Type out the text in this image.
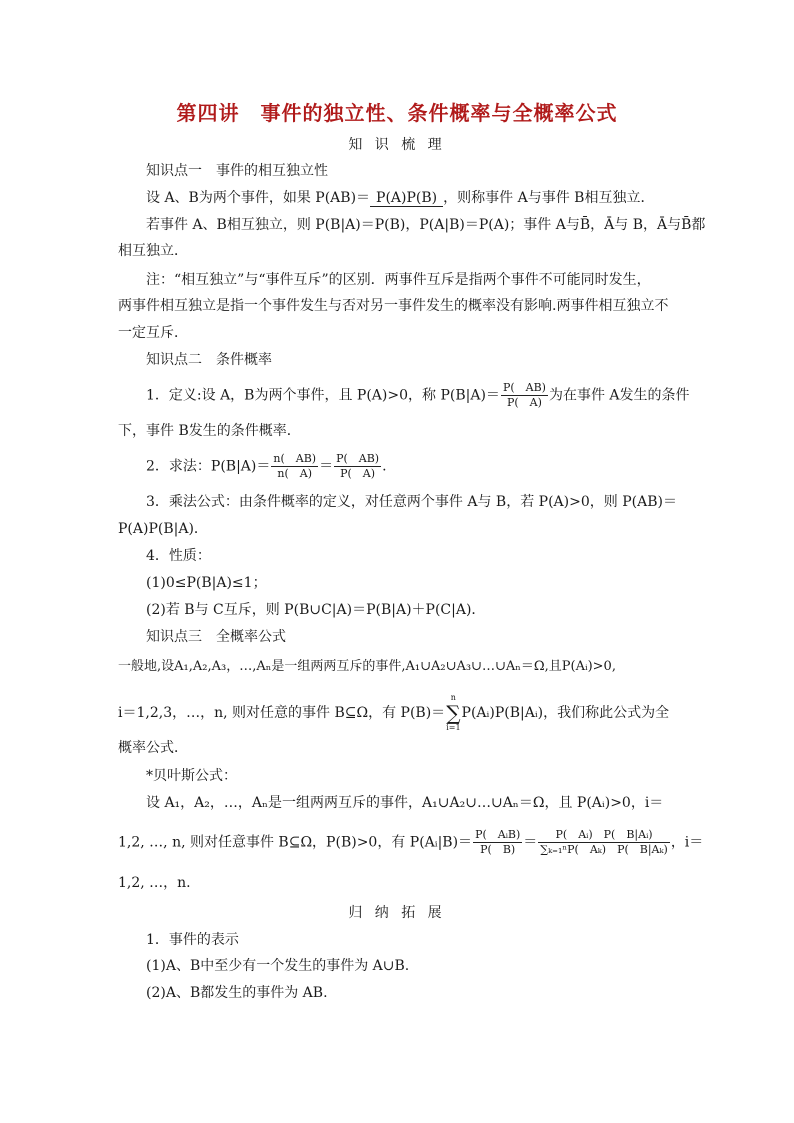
第四讲　事件的独立性、条件概率与全概率公式
知 识 梳 理
知识点一　事件的相互独立性
设 A、B为两个事件，如果 P(AB)＝ P(A)P(B) ，则称事件 A与事件 B相互独立．
若事件 A、B相互独立，则 P(B|A)＝P(B)，P(A|B)＝P(A)；事件 A与B̄，Ā与 B，Ā与B̄都
相互独立．
注：“相互独立”与“事件互斥”的区别．两事件互斥是指两个事件不可能同时发生，
两事件相互独立是指一个事件发生与否对另一事件发生的概率没有影响.两事件相互独立不
一定互斥．
知识点二　条件概率
1．定义:设 A，B为两个事件，且 P(A)>0，称 $P(B|A)= \frac{P( AB)}{P( A)}$ 为在事件 A发生的条件
下，事件 B发生的条件概率．
2．求法：$P(B|A)= \frac{n( AB)}{n( A)} = \frac{P( AB)}{P( A)}$ .
3．乘法公式：由条件概率的定义，对任意两个事件 A与 B，若 P(A)>0，则 P(AB)＝
P(A)P(B|A)．
4．性质：
(1)0≤P(B|A)≤1；
(2)若 B与 C互斥，则 P(B∪C|A)＝P(B|A)＋P(C|A)．
知识点三　全概率公式
一般地,设A₁,A₂,A₃，…,Aₙ是一组两两互斥的事件,A₁∪A₂∪A₃∪…∪Aₙ＝Ω,且P(Aᵢ)>0,
i＝1,2,3，…，n, 则对任意的事件 B⊆Ω，有 P(B)＝
n
∑
i=1
P(Aᵢ)P(B|Aᵢ)，我们称此公式为全
概率公式．
*贝叶斯公式：
设 A₁，A₂，…，Aₙ是一组两两互斥的事件，A₁∪A₂∪…∪Aₙ＝Ω，且 P(Aᵢ)>0，i＝
1,2, …, n, 则对任意事件 B⊆Ω，P(B)>0，有 P(Aᵢ|B)＝ $\frac{\text{P(　AᵢB)}}{P( B)} = \frac{\text{P(　Aᵢ)　P(　B|Aᵢ)}}{\text{∑ₖ₌₁ⁿP(　Aₖ)　P(　B|Aₖ)}}$ ，i＝
1,2, …，n.
归 纳 拓 展
1．事件的表示
(1)A、B中至少有一个发生的事件为 A∪B.
(2)A、B都发生的事件为 AB.
